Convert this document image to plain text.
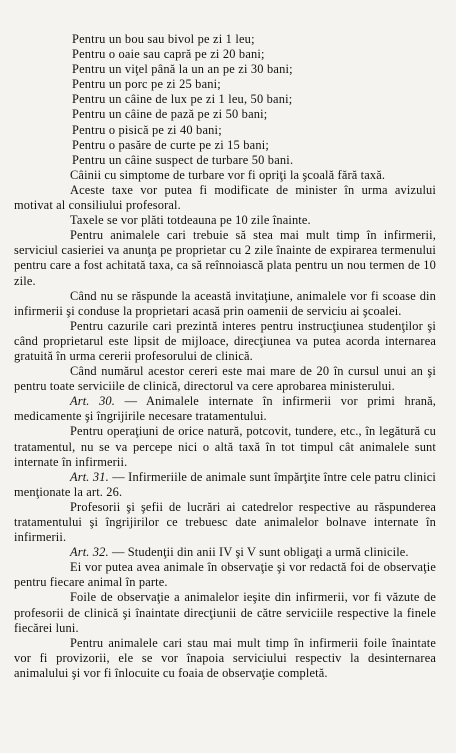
Pentru un bou sau bivol pe zi 1 leu;
Pentru o oaie sau capră pe zi 20 bani;
Pentru un viţel până la un an pe zi 30 bani;
Pentru un porc pe zi 25 bani;
Pentru un câine de lux pe zi 1 leu, 50 bani;
Pentru un câine de pază pe zi 50 bani;
Pentru o pisică pe zi 40 bani;
Pentru o pasăre de curte pe zi 15 bani;
Pentru un câine suspect de turbare 50 bani.

Câinii cu simptome de turbare vor fi opriţi la şcoală fără taxă.

Aceste taxe vor putea fi modificate de minister în urma avizului motivat al consiliului profesoral.

Taxele se vor plăti totdeauna pe 10 zile înainte.

Pentru animalele cari trebuie să stea mai mult timp în infirmerii, serviciul casieriei va anunţa pe proprietar cu 2 zile înainte de expirarea termenului pentru care a fost achitată taxa, ca să reînnoiască plata pentru un nou termen de 10 zile.

Când nu se răspunde la această invitaţiune, animalele vor fi scoase din infirmerii şi conduse la proprietari acasă prin oamenii de serviciu ai şcoalei.

Pentru cazurile cari prezintă interes pentru instrucţiunea studenţilor şi când proprietarul este lipsit de mijloace, direcţiunea va putea acorda internarea gratuită în urma cererii profesorului de clinică.

Când numărul acestor cereri este mai mare de 20 în cursul unui an şi pentru toate serviciile de clinică, directorul va cere aprobarea ministerului.

Art. 30. — Animalele internate în infirmerii vor primi hrană, medicamente şi îngrijirile necesare tratamentului.

Pentru operaţiuni de orice natură, potcovit, tundere, etc., în legătură cu tratamentul, nu se va percepe nici o altă taxă în tot timpul cât animalele sunt internate în infirmerii.

Art. 31. — Infirmeriile de animale sunt împărţite între cele patru clinici menţionate la art. 26.

Profesorii şi şefii de lucrări ai catedrelor respective au răspunderea tratamentului şi îngrijirilor ce trebuesc date animalelor bolnave internate în infirmerii.

Art. 32. — Studenţii din anii IV şi V sunt obligaţi a urmă clinicile.

Ei vor putea avea animale în observaţie şi vor redactă foi de observaţie pentru fiecare animal în parte.

Foile de observaţie a animalelor ieşite din infirmerii, vor fi văzute de profesorii de clinică şi înaintate direcţiunii de către serviciile respective la finele fiecărei luni.

Pentru animalele cari stau mai mult timp în infirmerii foile înaintate vor fi provizorii, ele se vor înapoia serviciului respectiv la desinternarea animalului şi vor fi înlocuite cu foaia de observaţie completă.
